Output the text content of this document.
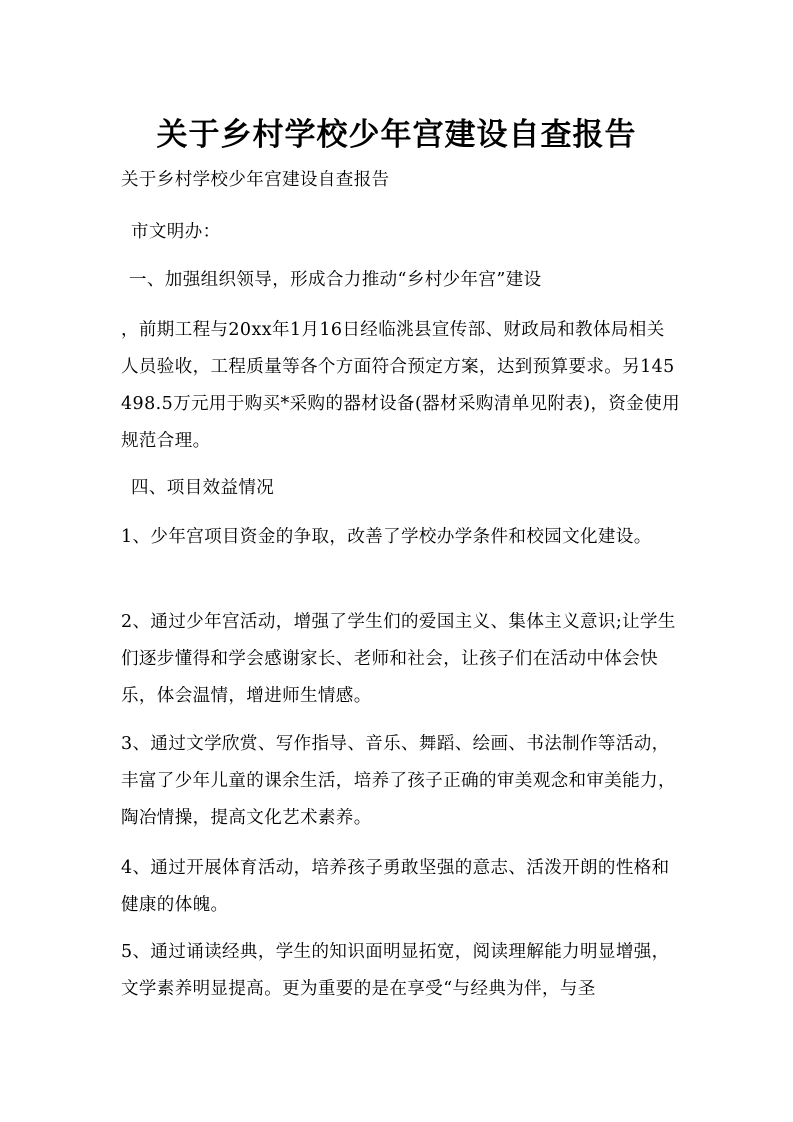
关于乡村学校少年宫建设自查报告

关于乡村学校少年宫建设自查报告

市文明办：

一、加强组织领导，形成合力推动“乡村少年宫”建设

，前期工程与20xx年1月16日经临洮县宣传部、财政局和教体局相关人员验收，工程质量等各个方面符合预定方案，达到预算要求。另145498.5万元用于购买*采购的器材设备(器材采购清单见附表)，资金使用规范合理。

四、项目效益情况

1、少年宫项目资金的争取，改善了学校办学条件和校园文化建设。

2、通过少年宫活动，增强了学生们的爱国主义、集体主义意识;让学生们逐步懂得和学会感谢家长、老师和社会，让孩子们在活动中体会快乐，体会温情，增进师生情感。

3、通过文学欣赏、写作指导、音乐、舞蹈、绘画、书法制作等活动，丰富了少年儿童的课余生活，培养了孩子正确的审美观念和审美能力，陶冶情操，提高文化艺术素养。

4、通过开展体育活动，培养孩子勇敢坚强的意志、活泼开朗的性格和健康的体魄。

5、通过诵读经典，学生的知识面明显拓宽，阅读理解能力明显增强，文学素养明显提高。更为重要的是在享受“与经典为伴，与圣
